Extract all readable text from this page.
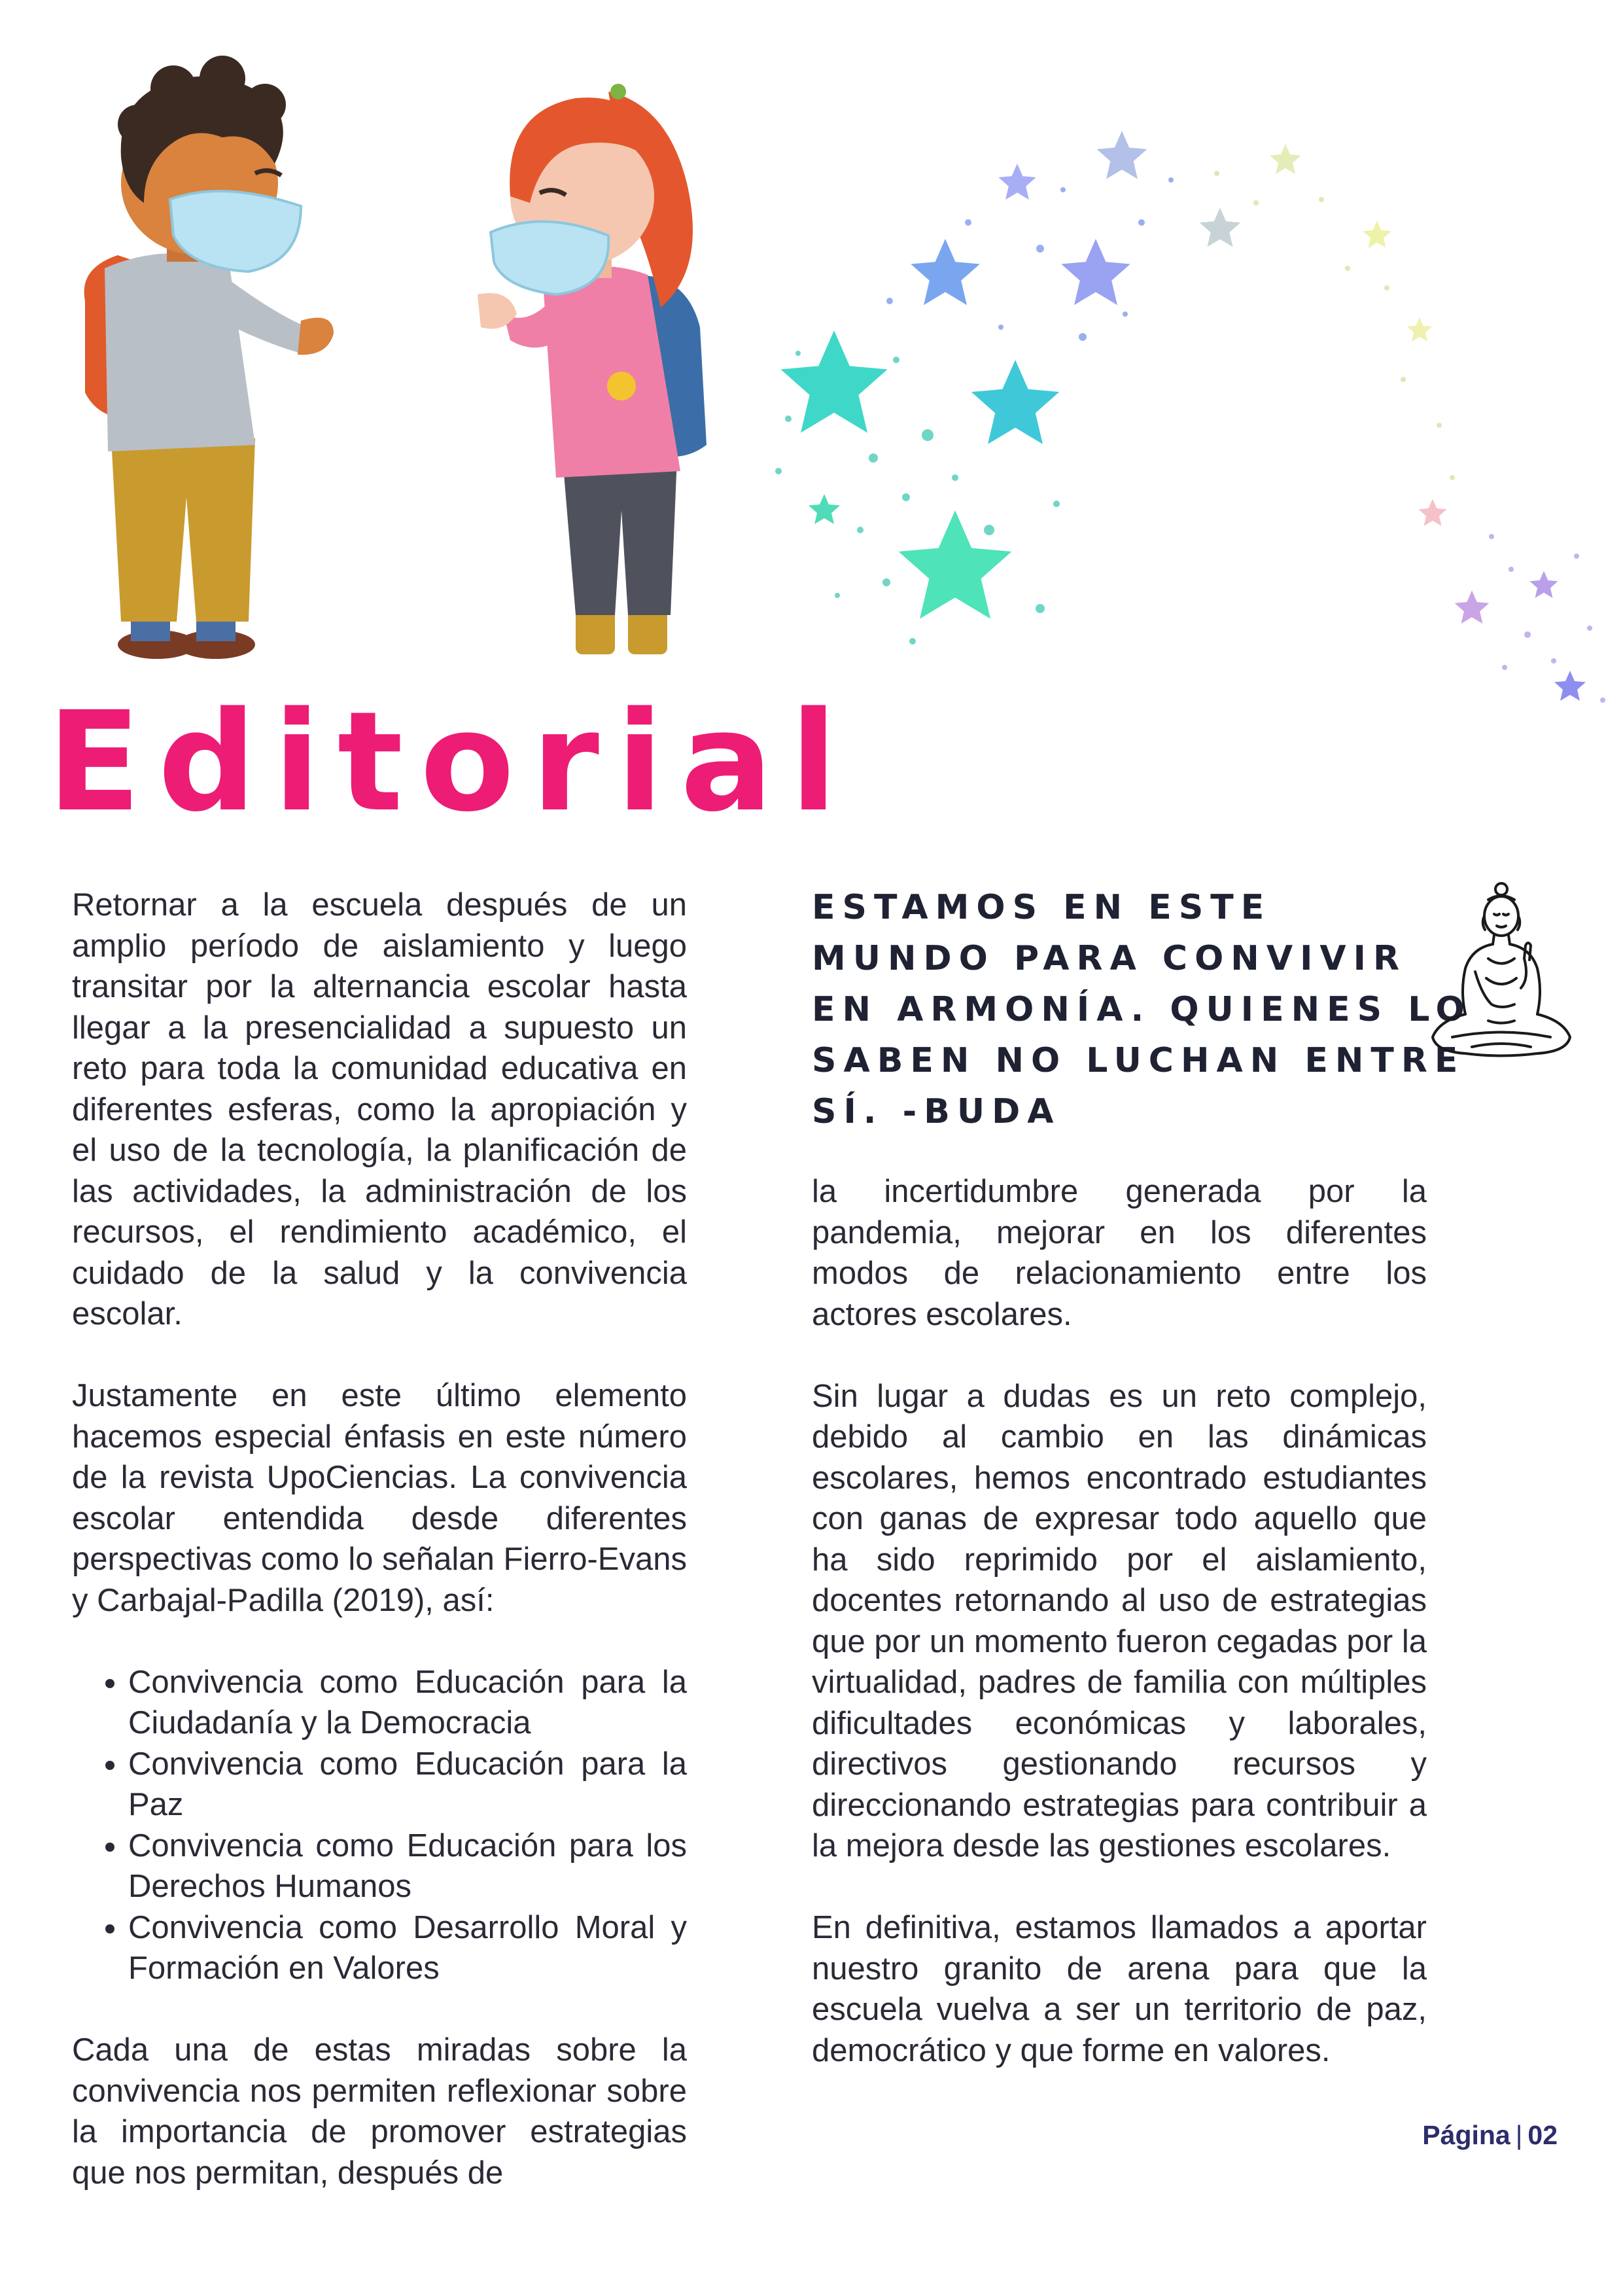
Editorial

Retornar a la escuela después de un amplio período de aislamiento y luego transitar por la alternancia escolar hasta llegar a la presencialidad a supuesto un reto para toda la comunidad educativa en diferentes esferas, como la apropiación y el uso de la tecnología, la planificación de las actividades, la administración de los recursos, el rendimiento académico, el cuidado de la salud y la convivencia escolar.

Justamente en este último elemento hacemos especial énfasis en este número de la revista UpoCiencias. La convivencia escolar entendida desde diferentes perspectivas como lo señalan Fierro-Evans y Carbajal-Padilla (2019), así:

• Convivencia como Educación para la Ciudadanía y la Democracia
• Convivencia como Educación para la Paz
• Convivencia como Educación para los Derechos Humanos
• Convivencia como Desarrollo Moral y Formación en Valores

Cada una de estas miradas sobre la convivencia nos permiten reflexionar sobre la importancia de promover estrategias que nos permitan, después de

ESTAMOS EN ESTE MUNDO PARA CONVIVIR EN ARMONÍA. QUIENES LO SABEN NO LUCHAN ENTRE SÍ. -BUDA

la incertidumbre generada por la pandemia, mejorar en los diferentes modos de relacionamiento entre los actores escolares.

Sin lugar a dudas es un reto complejo, debido al cambio en las dinámicas escolares, hemos encontrado estudiantes con ganas de expresar todo aquello que ha sido reprimido por el aislamiento, docentes retornando al uso de estrategias que por un momento fueron cegadas por la virtualidad, padres de familia con múltiples dificultades económicas y laborales, directivos gestionando recursos y direccionando estrategias para contribuir a la mejora desde las gestiones escolares.

En definitiva, estamos llamados a aportar nuestro granito de arena para que la escuela vuelva a ser un territorio de paz, democrático y que forme en valores.

Página | 02
